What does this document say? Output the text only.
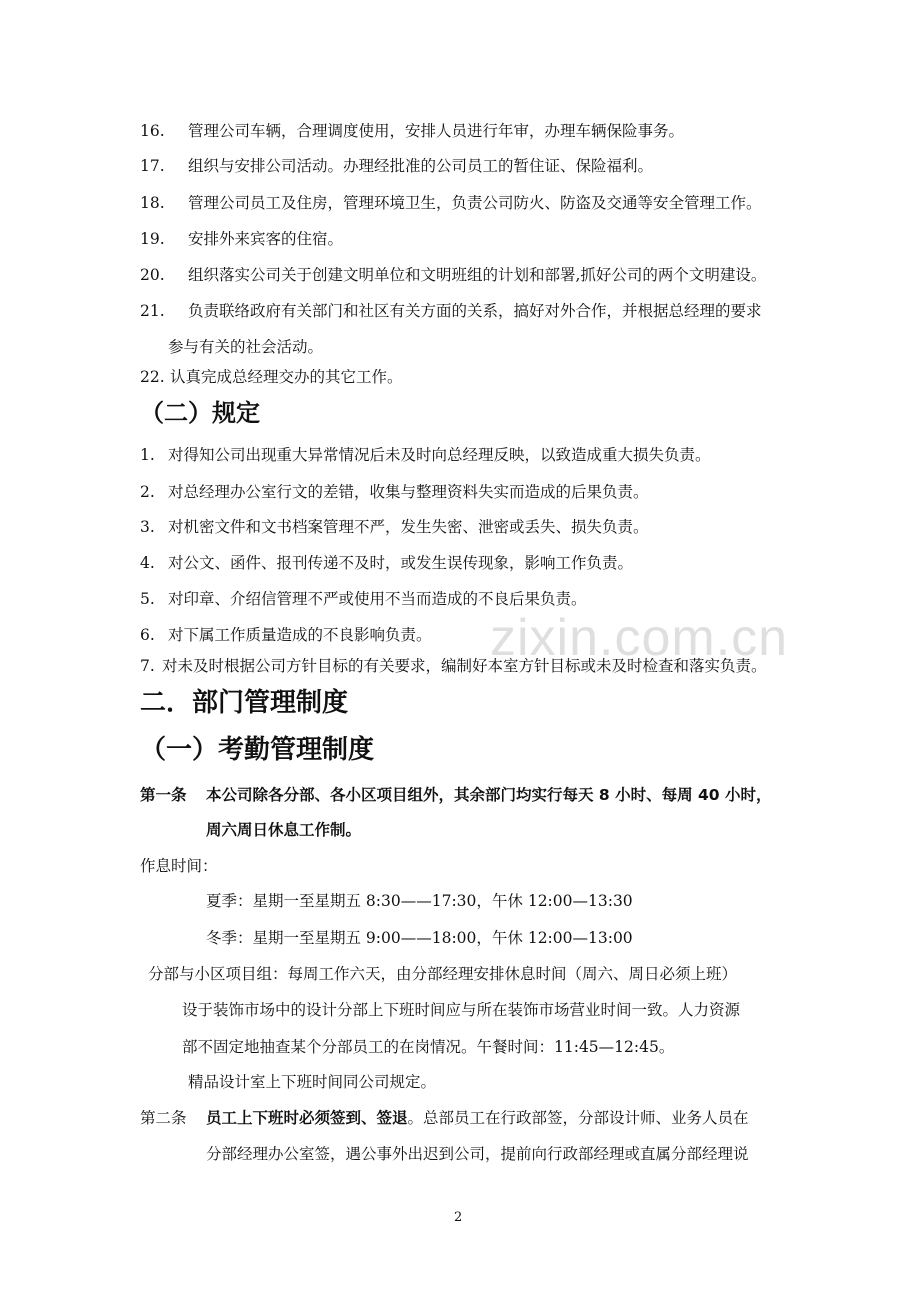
16. 管理公司车辆，合理调度使用，安排人员进行年审，办理车辆保险事务。
17. 组织与安排公司活动。办理经批准的公司员工的暂住证、保险福利。
18. 管理公司员工及住房，管理环境卫生，负责公司防火、防盗及交通等安全管理工作。
19. 安排外来宾客的住宿。
20. 组织落实公司关于创建文明单位和文明班组的计划和部署,抓好公司的两个文明建设。
21. 负责联络政府有关部门和社区有关方面的关系，搞好对外合作，并根据总经理的要求
参与有关的社会活动。
22. 认真完成总经理交办的其它工作。
（二）规定
1. 对得知公司出现重大异常情况后未及时向总经理反映，以致造成重大损失负责。
2. 对总经理办公室行文的差错，收集与整理资料失实而造成的后果负责。
3. 对机密文件和文书档案管理不严，发生失密、泄密或丢失、损失负责。
4. 对公文、函件、报刊传递不及时，或发生误传现象，影响工作负责。
5. 对印章、介绍信管理不严或使用不当而造成的不良后果负责。
6. 对下属工作质量造成的不良影响负责。
7. 对未及时根据公司方针目标的有关要求，编制好本室方针目标或未及时检查和落实负责。
二．部门管理制度
（一）考勤管理制度
第一条 本公司除各分部、各小区项目组外，其余部门均实行每天 8 小时、每周 40 小时，
周六周日休息工作制。
作息时间：
夏季：星期一至星期五 8:30——17:30，午休 12:00—13:30
冬季：星期一至星期五 9:00——18:00，午休 12:00—13:00
分部与小区项目组：每周工作六天，由分部经理安排休息时间（周六、周日必须上班）
设于装饰市场中的设计分部上下班时间应与所在装饰市场营业时间一致。人力资源
部不固定地抽查某个分部员工的在岗情况。午餐时间：11:45—12:45。
精品设计室上下班时间同公司规定。
第二条 员工上下班时必须签到、签退。总部员工在行政部签，分部设计师、业务人员在
分部经理办公室签，遇公事外出迟到公司，提前向行政部经理或直属分部经理说
zixin.com.cn
2
